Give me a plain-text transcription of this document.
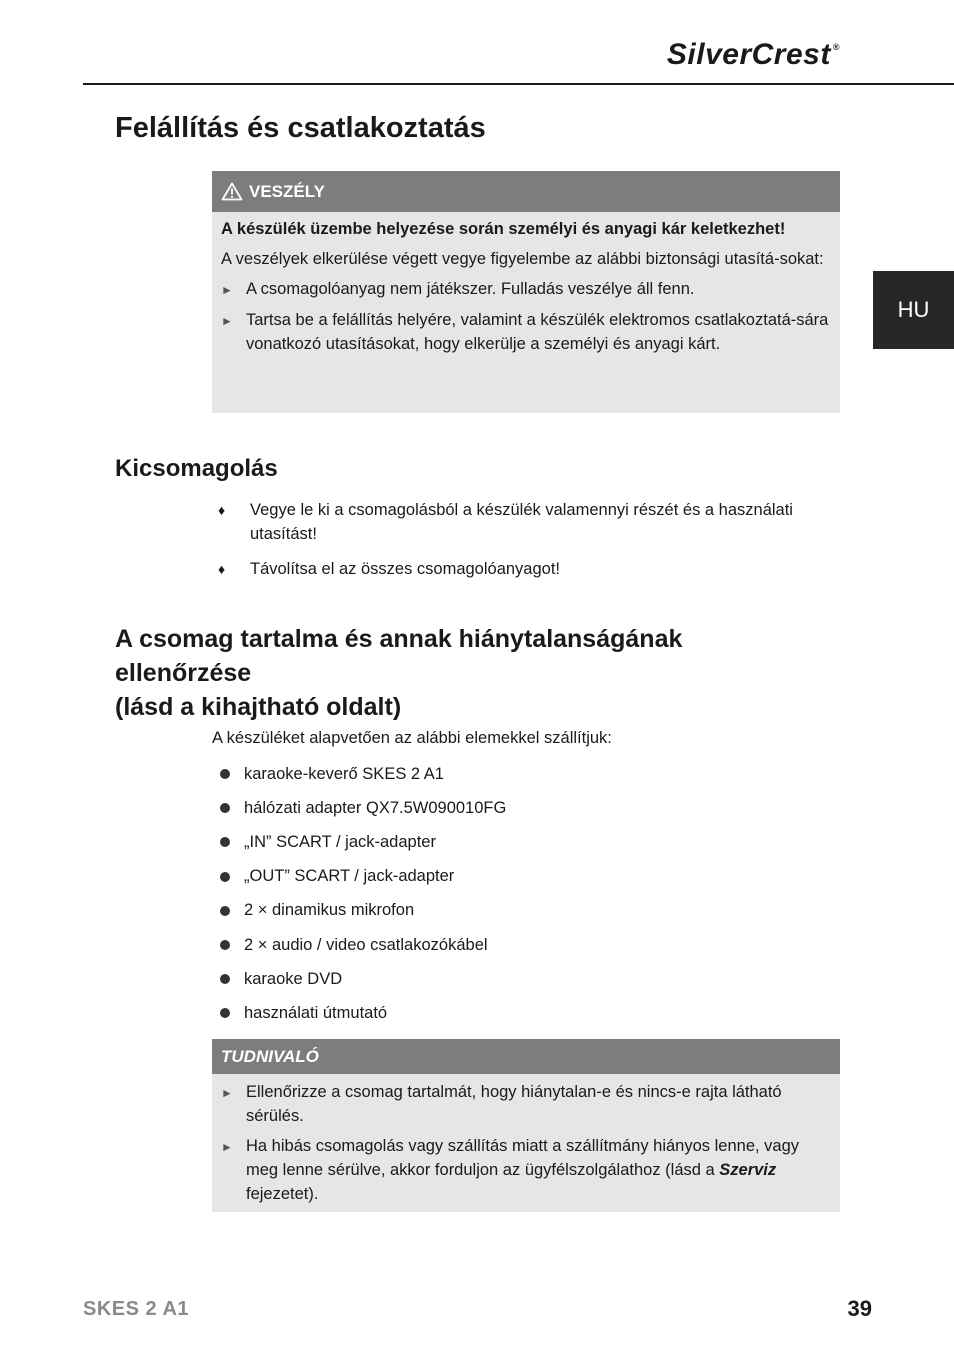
SilverCrest ®
HU
Felállítás és csatlakoztatás
VESZÉLY

A készülék üzembe helyezése során személyi és anyagi kár keletkezhet!

A veszélyek elkerülése végett vegye figyelembe az alábbi biztonsági utasítá-sokat:

► A csomagolóanyag nem játékszer. Fulladás veszélye áll fenn.
► Tartsa be a felállítás helyére, valamint a készülék elektromos csatlakoztatá-sára vonatkozó utasításokat, hogy elkerülje a személyi és anyagi kárt.
Kicsomagolás
♦	Vegye le ki a csomagolásból a készülék valamennyi részét és a használati utasítást!
♦	Távolítsa el az összes csomagolóanyagot!
A csomag tartalma és annak hiánytalanságának
ellenőrzése
(lásd a kihajtható oldalt)

A készüléket alapvetően az alábbi elemekkel szállítjuk:

karaoke-keverő SKES 2 A1
hálózati adapter QX7.5W090010FG
„IN” SCART / jack-adapter
„OUT” SCART / jack-adapter
2 × dinamikus mikrofon
2 × audio / video csatlakozókábel
karaoke DVD
használati útmutató
TUDNIVALÓ
► Ellenőrizze a csomag tartalmát, hogy hiánytalan-e és nincs-e rajta látható sérülés.
► Ha hibás csomagolás vagy szállítás miatt a szállítmány hiányos lenne, vagy meg lenne sérülve, akkor forduljon az ügyfélszolgálathoz (lásd a Szerviz fejezetet).
SKES 2 A1	39
